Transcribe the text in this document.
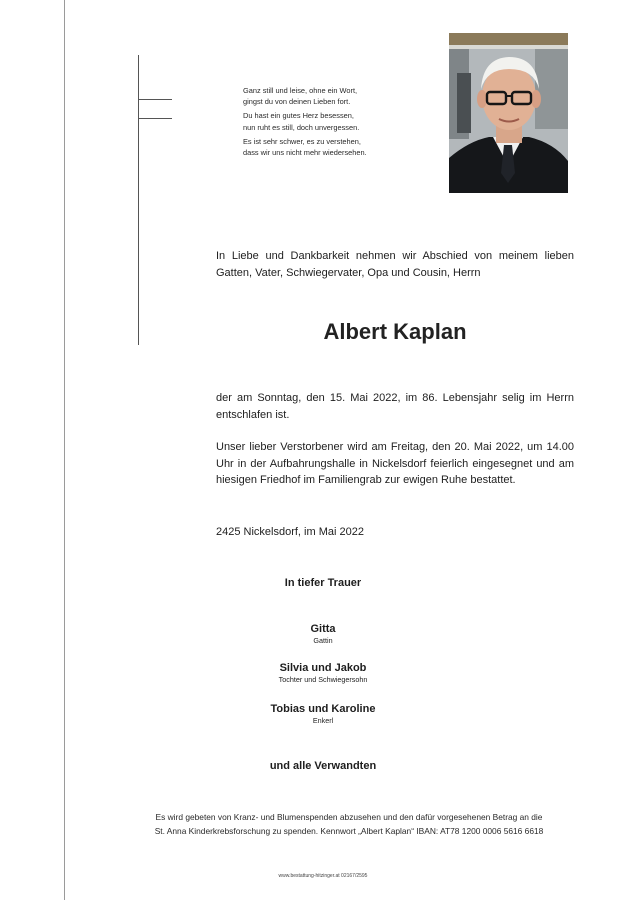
Ganz still und leise, ohne ein Wort,
gingst du von deinen Lieben fort.
Du hast ein gutes Herz besessen,
nun ruht es still, doch unvergessen.
Es ist sehr schwer, es zu verstehen,
dass wir uns nicht mehr wiedersehen.
In Liebe und Dankbarkeit nehmen wir Abschied von meinem lieben Gatten, Vater, Schwiegervater, Opa und Cousin, Herrn
Albert Kaplan
der am Sonntag, den 15. Mai 2022, im 86. Lebensjahr selig im Herrn entschlafen ist.
Unser lieber Verstorbener wird am Freitag, den 20. Mai 2022, um 14.00 Uhr in der Aufbahrungshalle in Nickelsdorf feierlich eingesegnet und am hiesigen Friedhof im Familiengrab zur ewigen Ruhe bestattet.
2425 Nickelsdorf, im Mai 2022
In tiefer Trauer
Gitta
Gattin
Silvia und Jakob
Tochter und Schwiegersohn
Tobias und Karoline
Enkerl
und alle Verwandten
Es wird gebeten von Kranz- und Blumenspenden abzusehen und den dafür vorgesehenen Betrag an die
St. Anna Kinderkrebsforschung zu spenden. Kennwort „Albert Kaplan“ IBAN: AT78 1200 0006 5616 6618
www.bestattung-hitzinger.at 02167/2595
